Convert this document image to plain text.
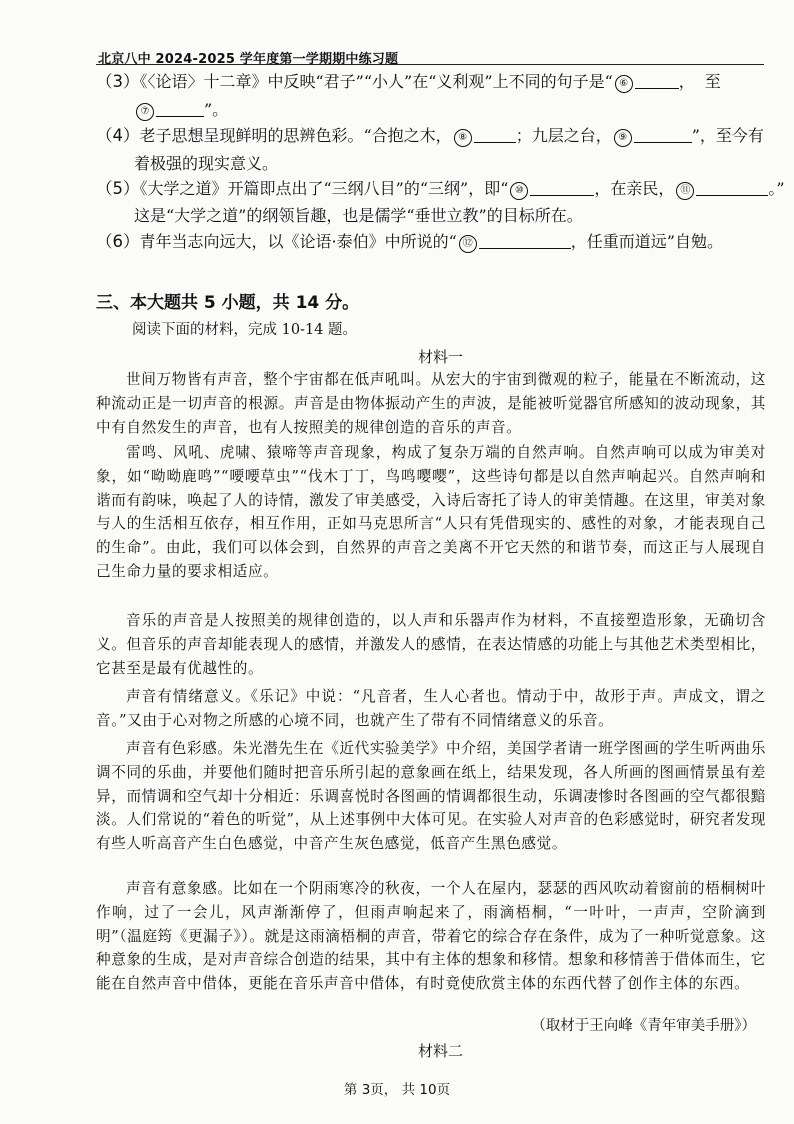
北京八中 2024-2025 学年度第一学期期中练习题
（3）《〈论语〉十二章》中反映“君子”“小人”在“义利观”上不同的句子是“ ⑥	， 至
⑦	”。
（4）老子思想呈现鲜明的思辨色彩。“合抱之木， ⑧	；九层之台， ⑨	”，至今有
着极强的现实意义。
（5）《大学之道》开篇即点出了“三纲八目”的“三纲”，即“ ⑩	，在亲民， ⑪	。”
这是“大学之道”的纲领旨趣，也是儒学“垂世立教”的目标所在。
（6）青年当志向远大，以《论语·泰伯》中所说的“ ⑫	，任重而道远”自勉。
三、本大题共 5 小题，共 14 分。
阅读下面的材料，完成 10-14 题。
材料一
世间万物皆有声音，整个宇宙都在低声吼叫。从宏大的宇宙到微观的粒子，能量在不断流动，这种流动正是一切声音的根源。声音是由物体振动产生的声波，是能被听觉器官所感知的波动现象，其中有自然发生的声音，也有人按照美的规律创造的音乐的声音。
雷鸣、风吼、虎啸、猿啼等声音现象，构成了复杂万端的自然声响。自然声响可以成为审美对象，如“呦呦鹿鸣”“喓喓草虫”“伐木丁丁，鸟鸣嘤嘤”，这些诗句都是以自然声响起兴。自然声响和谐而有韵味，唤起了人的诗情，激发了审美感受，入诗后寄托了诗人的审美情趣。在这里，审美对象与人的生活相互依存，相互作用，正如马克思所言“人只有凭借现实的、感性的对象，才能表现自己的生命”。由此，我们可以体会到，自然界的声音之美离不开它天然的和谐节奏，而这正与人展现自己生命力量的要求相适应。
音乐的声音是人按照美的规律创造的，以人声和乐器声作为材料，不直接塑造形象，无确切含义。但音乐的声音却能表现人的感情，并激发人的感情，在表达情感的功能上与其他艺术类型相比，它甚至是最有优越性的。
声音有情绪意义。《乐记》中说：“凡音者，生人心者也。情动于中，故形于声。声成文，谓之音。”又由于心对物之所感的心境不同，也就产生了带有不同情绪意义的乐音。
声音有色彩感。朱光潜先生在《近代实验美学》中介绍，美国学者请一班学图画的学生听两曲乐调不同的乐曲，并要他们随时把音乐所引起的意象画在纸上，结果发现，各人所画的图画情景虽有差异，而情调和空气却十分相近：乐调喜悦时各图画的情调都很生动，乐调凄惨时各图画的空气都很黯淡。人们常说的“着色的听觉”，从上述事例中大体可见。在实验人对声音的色彩感觉时，研究者发现有些人听高音产生白色感觉，中音产生灰色感觉，低音产生黑色感觉。
声音有意象感。比如在一个阴雨寒冷的秋夜，一个人在屋内，瑟瑟的西风吹动着窗前的梧桐树叶作响，过了一会儿，风声渐渐停了，但雨声响起来了，雨滴梧桐，“一叶叶，一声声，空阶滴到明”（温庭筠《更漏子》）。就是这雨滴梧桐的声音，带着它的综合存在条件，成为了一种听觉意象。这种意象的生成，是对声音综合创造的结果，其中有主体的想象和移情。想象和移情善于借体而生，它能在自然声音中借体，更能在音乐声音中借体，有时竟使欣赏主体的东西代替了创作主体的东西。
（取材于王向峰《青年审美手册》）
材料二
第 3页， 共 10页
